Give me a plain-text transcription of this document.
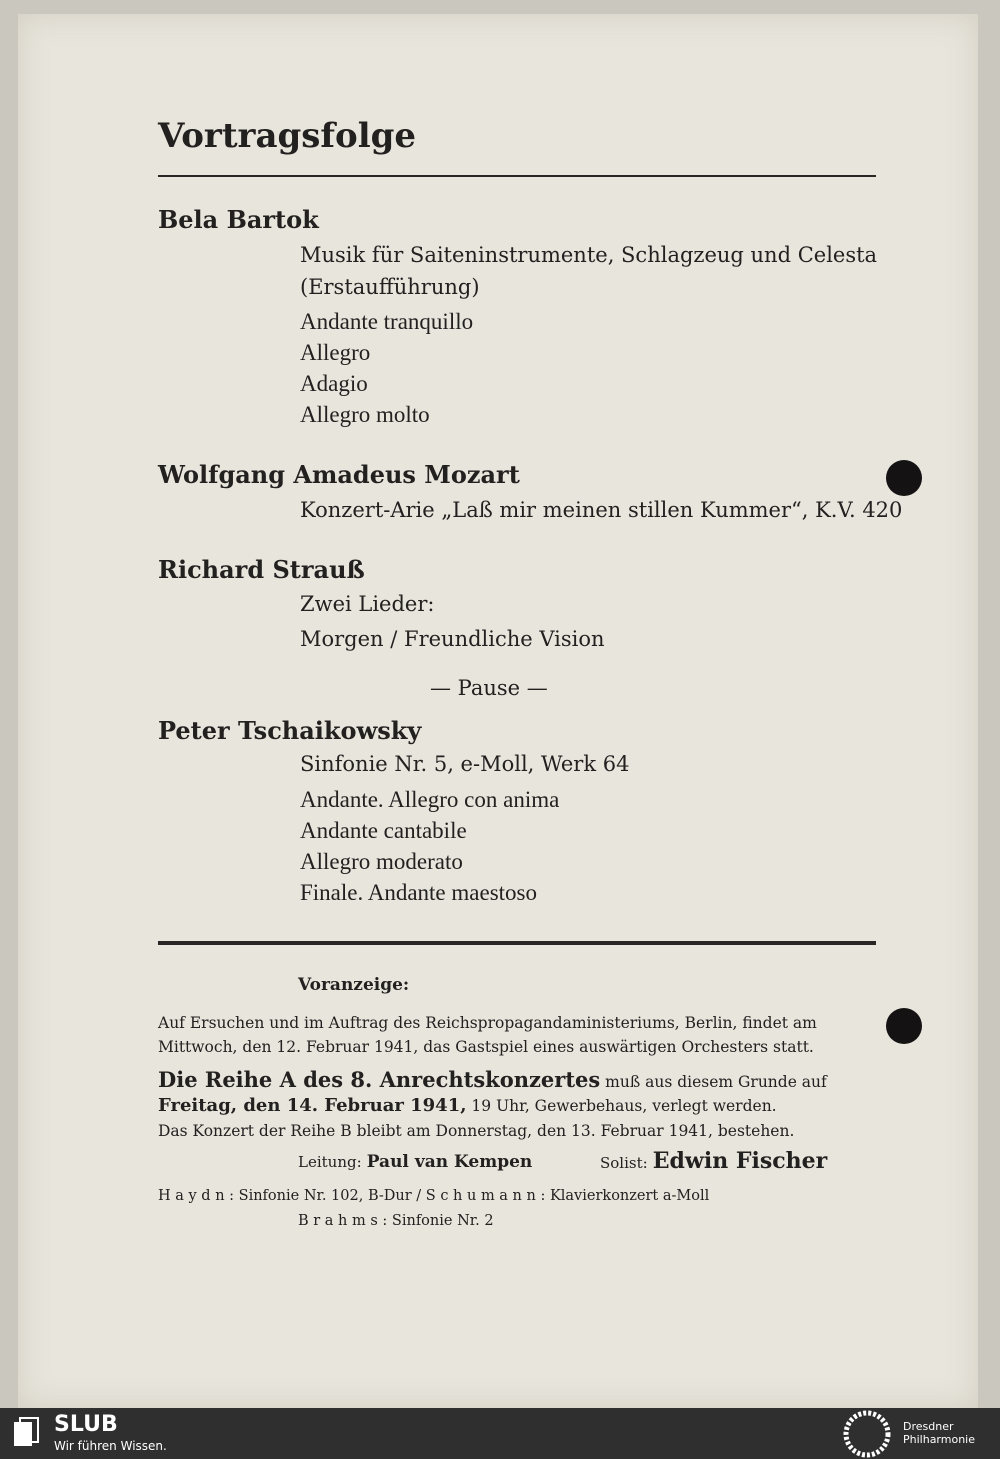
Vortragsfolge
Bela Bartok
Musik für Saiteninstrumente, Schlagzeug und Celesta
(Erstaufführung)
Andante tranquillo
Allegro
Adagio
Allegro molto
Wolfgang Amadeus Mozart
Konzert-Arie „Laß mir meinen stillen Kummer“, K.V. 420
Richard Strauß
Zwei Lieder:
Morgen / Freundliche Vision
— Pause —
Peter Tschaikowsky
Sinfonie Nr. 5, e-Moll, Werk 64
Andante. Allegro con anima
Andante cantabile
Allegro moderato
Finale. Andante maestoso
Voranzeige:
Auf Ersuchen und im Auftrag des Reichspropagandaministeriums, Berlin, findet am
Mittwoch, den 12. Februar 1941, das Gastspiel eines auswärtigen Orchesters statt.
Die Reihe A des 8. Anrechtskonzertes muß aus diesem Grunde auf
Freitag, den 14. Februar 1941, 19 Uhr, Gewerbehaus, verlegt werden.
Das Konzert der Reihe B bleibt am Donnerstag, den 13. Februar 1941, bestehen.
Leitung: Paul van Kempen	Solist: Edwin Fischer
H a y d n : Sinfonie Nr. 102, B-Dur / S c h u m a n n : Klavierkonzert a-Moll
B r a h m s : Sinfonie Nr. 2
SLUB
Wir führen Wissen.
Dresdner
Philharmonie
